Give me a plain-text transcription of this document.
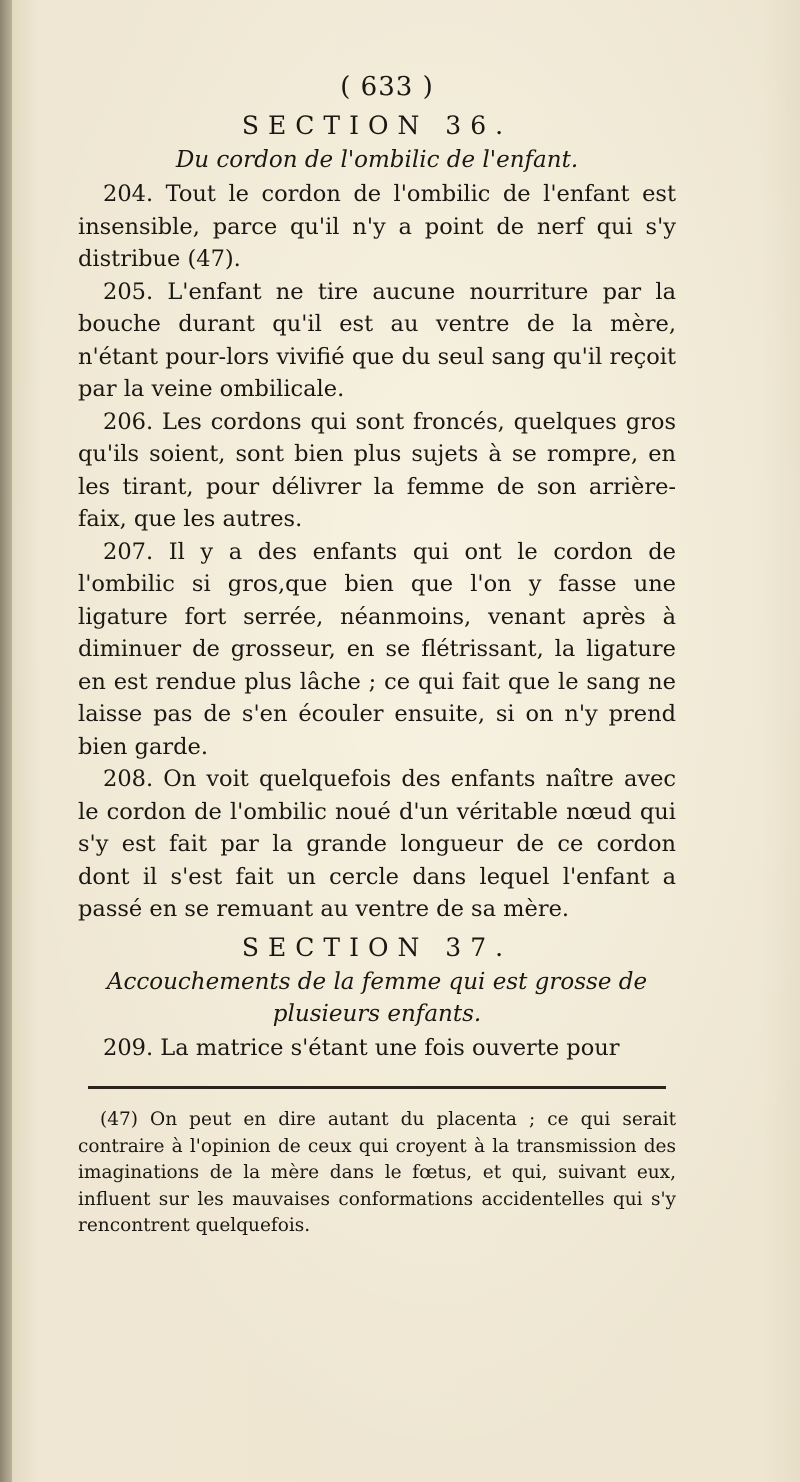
( 633 )
SECTION 36.
Du cordon de l'ombilic de l'enfant.

204. Tout le cordon de l'ombilic de l'enfant est insensible, parce qu'il n'y a point de nerf qui s'y distribue (47).

205. L'enfant ne tire aucune nourriture par la bouche durant qu'il est au ventre de la mère, n'étant pour-lors vivifié que du seul sang qu'il reçoit par la veine ombilicale.

206. Les cordons qui sont froncés, quelques gros qu'ils soient, sont bien plus sujets à se rompre, en les tirant, pour délivrer la femme de son arrière-faix, que les autres.

207. Il y a des enfants qui ont le cordon de l'ombilic si gros,que bien que l'on y fasse une ligature fort serrée, néanmoins, venant après à diminuer de grosseur, en se flétrissant, la ligature en est rendue plus lâche ; ce qui fait que le sang ne laisse pas de s'en écouler ensuite, si on n'y prend bien garde.

208. On voit quelquefois des enfants naître avec le cordon de l'ombilic noué d'un véritable nœud qui s'y est fait par la grande longueur de ce cordon dont il s'est fait un cercle dans lequel l'enfant a passé en se remuant au ventre de sa mère.

SECTION 37.
Accouchements de la femme qui est grosse de plusieurs enfants.

209. La matrice s'étant une fois ouverte pour

(47) On peut en dire autant du placenta ; ce qui serait contraire à l'opinion de ceux qui croyent à la transmission des imaginations de la mère dans le fœtus, et qui, suivant eux, influent sur les mauvaises conformations accidentelles qui s'y rencontrent quelquefois.
